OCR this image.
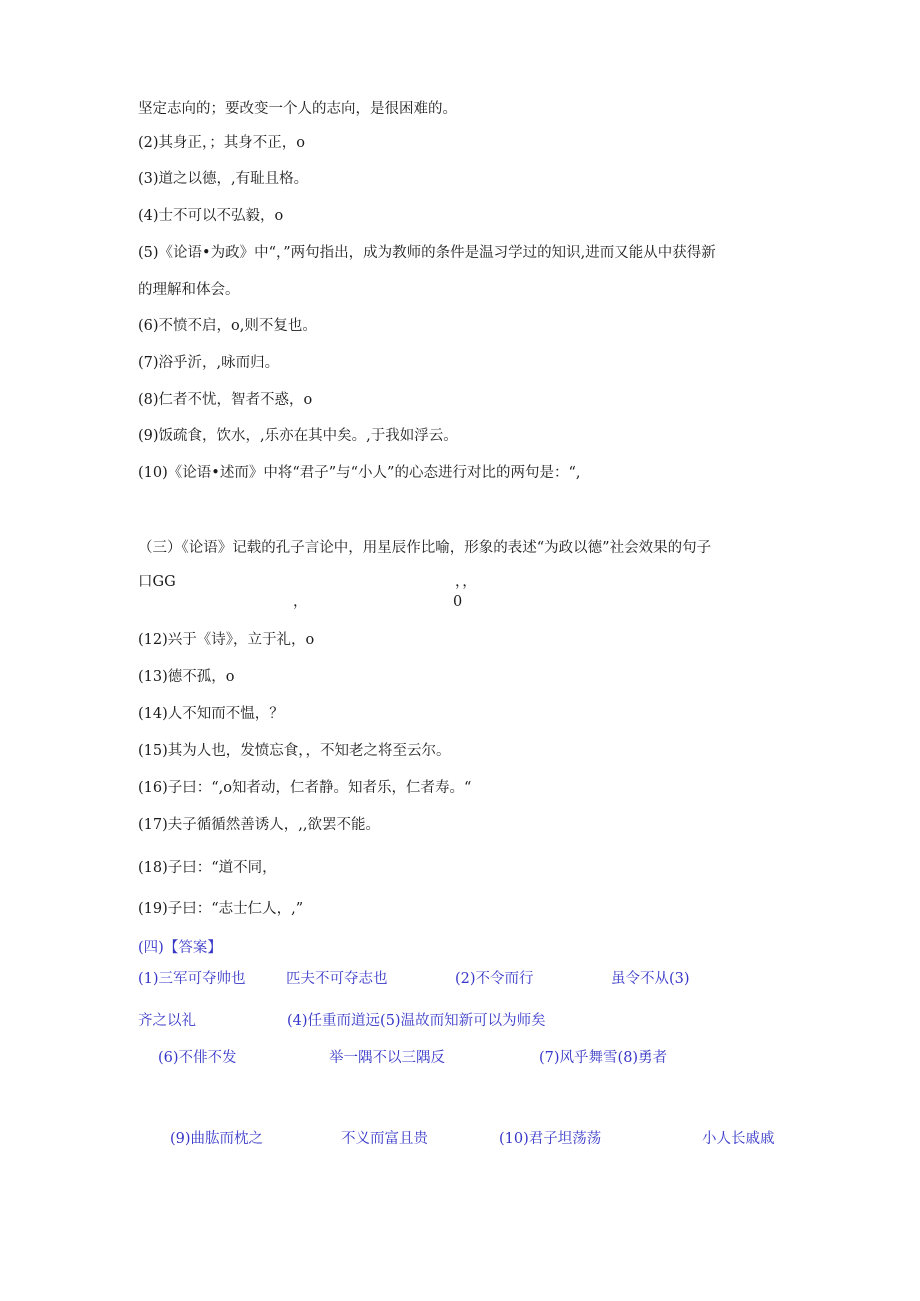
坚定志向的；要改变一个人的志向，是很困难的。
(2)其身正，；其身不正，o
(3)道之以德，,有耻且格。
(4)士不可以不弘毅，o
(5)《论语•为政》中“，”两句指出，成为教师的条件是温习学过的知识,进而又能从中获得新
的理解和体会。
(6)不愤不启，o,则不复也。
(7)浴乎沂，,咏而归。
(8)仁者不忧，智者不惑，o
(9)饭疏食，饮水，,乐亦在其中矣。,于我如浮云。
(10)《论语•述而》中将“君子”与“小人”的心态进行对比的两句是：“,
（三）《论语》记载的孔子言论中，用星辰作比喻，形象的表述“为政以德”社会效果的句子
口GG	，，
，	0
(12)兴于《诗》，立于礼，o
(13)德不孤，o
(14)人不知而不愠，？
(15)其为人也，发愤忘食，，不知老之将至云尔。
(16)子曰：“,o知者动，仁者静。知者乐，仁者寿。“
(17)夫子循循然善诱人，,,欲罢不能。
(18)子曰：“道不同，
(19)子曰：“志士仁人，,”
(四)【答案】
(1)三军可夺帅也	匹夫不可夺志也	(2)不令而行	虽令不从(3)
齐之以礼	(4)任重而道远(5)温故而知新可以为师矣
(6)不俳不发	举一隅不以三隅反	(7)风乎舞雪(8)勇者
(9)曲肱而枕之	不义而富且贵	(10)君子坦荡荡	小人长戚戚
